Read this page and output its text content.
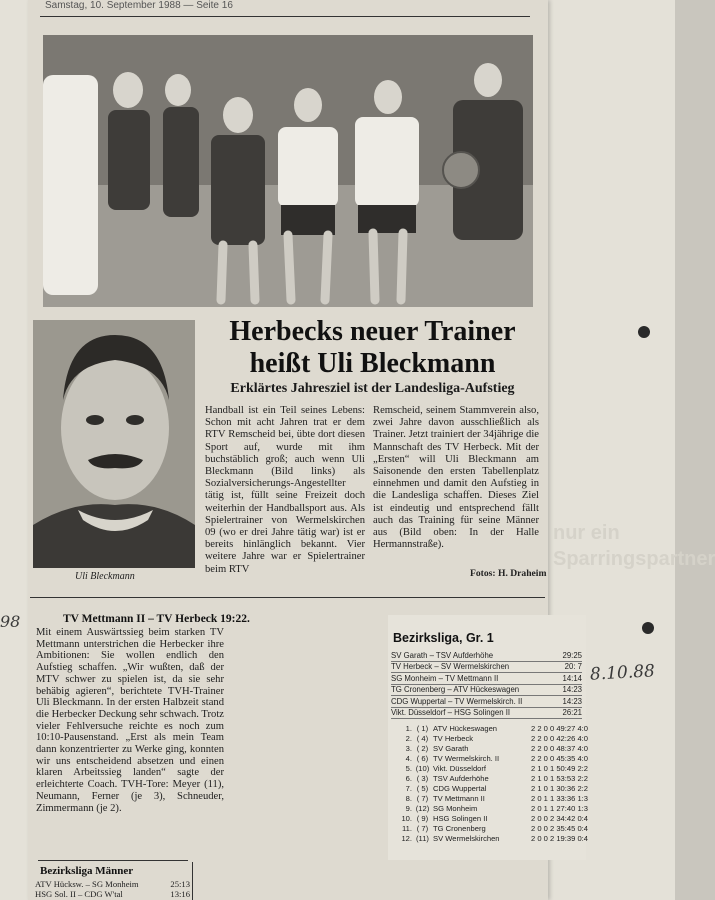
nur ein
Sparringspartner
Samstag, 10. September 1988 — Seite 16
Uli Bleckmann
Herbecks neuer Trainer
heißt Uli Bleckmann
Erklärtes Jahresziel ist der Landesliga-Aufstieg
Handball ist ein Teil seines Lebens: Schon mit acht Jahren trat er dem RTV Remscheid bei, übte dort diesen Sport auf, wurde mit ihm buchstäblich groß; auch wenn Uli Bleckmann (Bild links) als Sozialversicherungs-Angestellter tätig ist, füllt seine Freizeit doch weiterhin der Handballsport aus. Als Spielertrainer von Wermelskirchen 09 (wo er drei Jahre tätig war) ist er bereits hinlänglich bekannt. Vier weitere Jahre war er Spielertrainer beim RTV
Remscheid, seinem Stammverein also, zwei Jahre davon ausschließlich als Trainer. Jetzt trainiert der 34jährige die Mannschaft des TV Herbeck. Mit der „Ersten“ will Uli Bleckmann am Saisonende den ersten Tabellenplatz einnehmen und damit den Aufstieg in die Landesliga schaffen. Dieses Ziel ist eindeutig und entsprechend fällt auch das Training für seine Männer aus (Bild oben: In der Halle Hermannstraße).
Fotos: H. Draheim
TV Mettmann II – TV Herbeck 19:22.
Mit einem Auswärtssieg beim starken TV Mettmann unterstrichen die Herbecker ihre Ambitionen: Sie wollen endlich den Aufstieg schaffen. „Wir wußten, daß der MTV schwer zu spielen ist, da sie sehr behäbig agieren“, berichtete TVH-Trainer Uli Bleckmann. In der ersten Halbzeit stand die Herbecker Deckung sehr schwach. Trotz vieler Fehlversuche reichte es noch zum 10:10-Pausenstand. „Erst als mein Team dann konzentrierter zu Werke ging, konnten wir uns entscheidend absetzen und einen klaren Arbeitssieg landen“ sagte der erleichterte Coach. TVH-Tore: Meyer (11), Neumann, Ferner (je 3), Schneuder, Zimmermann (je 2).
Bezirksliga Männer
ATV Hücksw. – SG Monheim	25:13
HSG Sol. II – CDG W'tal	13:16
Bezirksliga, Gr. 1
SV Garath – TSV Aufderhöhe	29:25
TV Herbeck – SV Wermelskirchen	20: 7
SG Monheim – TV Mettmann II	14:14
TG Cronenberg – ATV Hückeswagen	14:23
CDG Wuppertal – TV Wermelskirch. II	14:23
Vikt. Düsseldorf – HSG Solingen II	26:21
1. ( 1) ATV Hückeswagen	2 2 0 0 49:27 4:0
2. ( 4) TV Herbeck	2 2 0 0 42:26 4:0
3. ( 2) SV Garath	2 2 0 0 48:37 4:0
4. ( 6) TV Wermelskirch. II	2 2 0 0 45:35 4:0
5. (10) Vikt. Düsseldorf	2 1 0 1 50:49 2:2
6. ( 3) TSV Aufderhöhe	2 1 0 1 53:53 2:2
7. ( 5) CDG Wuppertal	2 1 0 1 30:36 2:2
8. ( 7) TV Mettmann II	2 0 1 1 33:36 1:3
9. (12) SG Monheim	2 0 1 1 27:40 1:3
10. ( 9) HSG Solingen II	2 0 0 2 34:42 0:4
11. ( 7) TG Cronenberg	2 0 0 2 35:45 0:4
12. (11) SV Wermelskirchen	2 0 0 2 19:39 0:4
98
8.10.88
